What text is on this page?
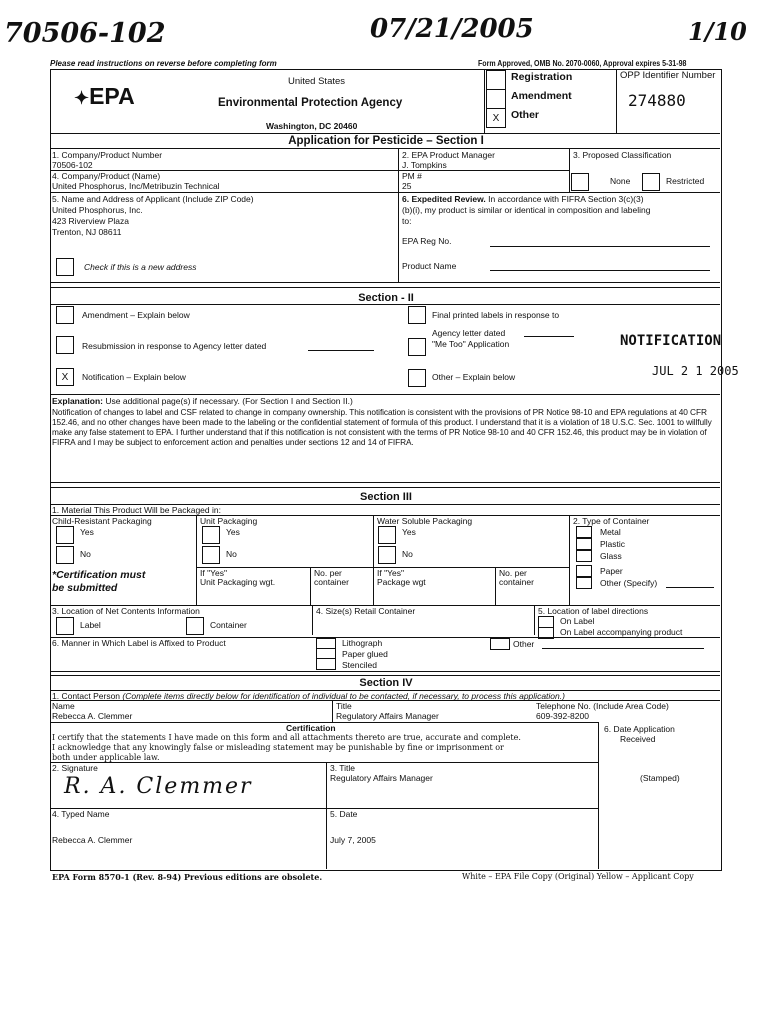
70506-102	07/21/2005	1/10
Please read instructions on reverse before completing form	Form Approved, OMB No. 2070-0060, Approval expires 5-31-98
✦EPA
United States
Environmental Protection Agency
Washington, DC 20460
Registration
Amendment
X	Other
OPP Identifier Number
274880
Application for Pesticide – Section I
1. Company/Product Number
70506-102
4. Company/Product (Name)
United Phosphorus, Inc/Metribuzin Technical
2. EPA Product Manager
J. Tompkins
PM #
25
3. Proposed Classification
None	Restricted
5. Name and Address of Applicant (Include ZIP Code)
United Phosphorus, Inc.
423 Riverview Plaza
Trenton, NJ 08611
Check if this is a new address
6. Expedited Review. In accordance with FIFRA Section 3(c)(3)
(b)(i), my product is similar or identical in composition and labeling
to:
EPA Reg No.
Product Name
Section - II
Amendment – Explain below
Resubmission in response to Agency letter dated
X	Notification – Explain below
Final printed labels in response to
Agency letter dated
"Me Too" Application
Other – Explain below
NOTIFICATION
JUL 2 1 2005
Explanation: Use additional page(s) if necessary. (For Section I and Section II.)
Notification of changes to label and CSF related to change in company ownership. This notification is consistent with the provisions of PR Notice 98-10 and EPA regulations at 40 CFR 152.46, and no other changes have been made to the labeling or the confidential statement of formula of this product. I understand that it is a violation of 18 U.S.C. Sec. 1001 to willfully make any false statement to EPA. I further understand that if this notification is not consistent with the terms of PR Notice 98-10 and 40 CFR 152.46, this product may be in violation of FIFRA and I may be subject to enforcement action and penalties under sections 12 and 14 of FIFRA.
Section III
1. Material This Product Will be Packaged in:
Child-Resistant Packaging
Yes
No
*Certification must
be submitted
Unit Packaging
Yes
No
If "Yes"
Unit Packaging wgt.
No. per
container
Water Soluble Packaging
Yes
No
If "Yes"
Package wgt
No. per
container
2. Type of Container
Metal
Plastic
Glass
Paper
Other (Specify)
3. Location of Net Contents Information
Label	Container
4. Size(s) Retail Container	5. Location of label directions
On Label
On Label accompanying product
6. Manner in Which Label is Affixed to Product	Lithograph
Paper glued
Stenciled
Other
Section IV
1. Contact Person (Complete items directly below for identification of individual to be contacted, if necessary, to process this application.)
Name
Rebecca A. Clemmer
Title
Regulatory Affairs Manager
Telephone No. (Include Area Code)
609-392-8200
Certification
I certify that the statements I have made on this form and all attachments thereto are true, accurate and complete.
I acknowledge that any knowingly false or misleading statement may be punishable by fine or imprisonment or
both under applicable law.
6. Date Application
Received
(Stamped)
2. Signature
R. A. Clemmer
3. Title
Regulatory Affairs Manager
4. Typed Name
Rebecca A. Clemmer
5. Date
July 7, 2005
EPA Form 8570-1 (Rev. 8-94) Previous editions are obsolete.	White – EPA File Copy (Original) Yellow – Applicant Copy
